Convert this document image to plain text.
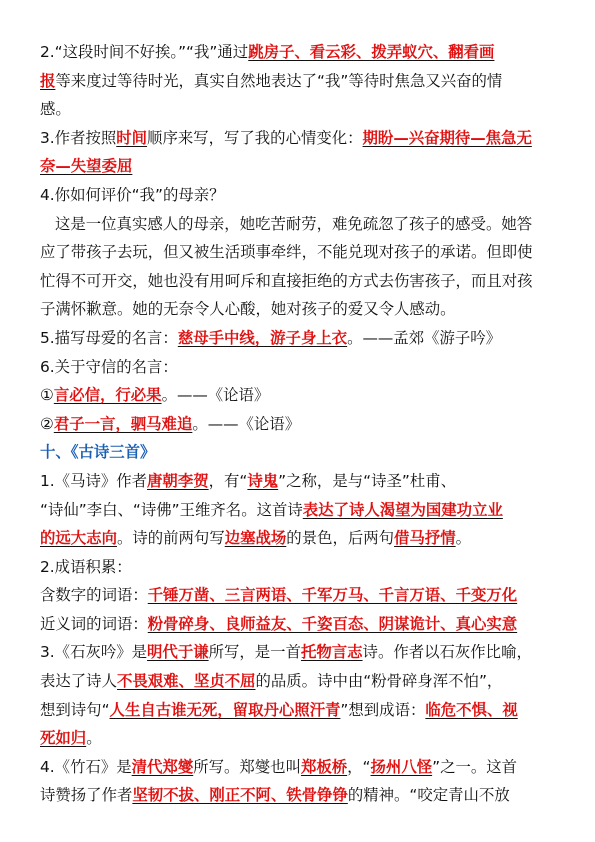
2.“这段时间不好挨。”“我”通过跳房子、看云彩、拨弄蚁穴、翻看画
报等来度过等待时光，真实自然地表达了“我”等待时焦急又兴奋的情
感。
3.作者按照时间顺序来写，写了我的心情变化：期盼—兴奋期待—焦急无
奈—失望委屈
4.你如何评价“我”的母亲？
这是一位真实感人的母亲，她吃苦耐劳，难免疏忽了孩子的感受。她答
应了带孩子去玩，但又被生活琐事牵绊，不能兑现对孩子的承诺。但即使
忙得不可开交，她也没有用呵斥和直接拒绝的方式去伤害孩子，而且对孩
子满怀歉意。她的无奈令人心酸，她对孩子的爱又令人感动。
5.描写母爱的名言：慈母手中线，游子身上衣。——孟郊《游子吟》
6.关于守信的名言：
①言必信，行必果。——《论语》
②君子一言，驷马难追。——《论语》
十、《古诗三首》
1.《马诗》作者唐朝李贺，有“诗鬼”之称，是与“诗圣”杜甫、
“诗仙”李白、“诗佛”王维齐名。这首诗表达了诗人渴望为国建功立业
的远大志向。诗的前两句写边塞战场的景色，后两句借马抒情。
2.成语积累：
含数字的词语：千锤万凿、三言两语、千军万马、千言万语、千变万化
近义词的词语：粉骨碎身、良师益友、千姿百态、阴谋诡计、真心实意
3.《石灰吟》是明代于谦所写，是一首托物言志诗。作者以石灰作比喻，
表达了诗人不畏艰难、坚贞不屈的品质。诗中由“粉骨碎身浑不怕”，
想到诗句“人生自古谁无死，留取丹心照汗青”想到成语：临危不惧、视
死如归。
4.《竹石》是清代郑燮所写。郑燮也叫郑板桥，“扬州八怪”之一。这首
诗赞扬了作者坚韧不拔、刚正不阿、铁骨铮铮的精神。“咬定青山不放
